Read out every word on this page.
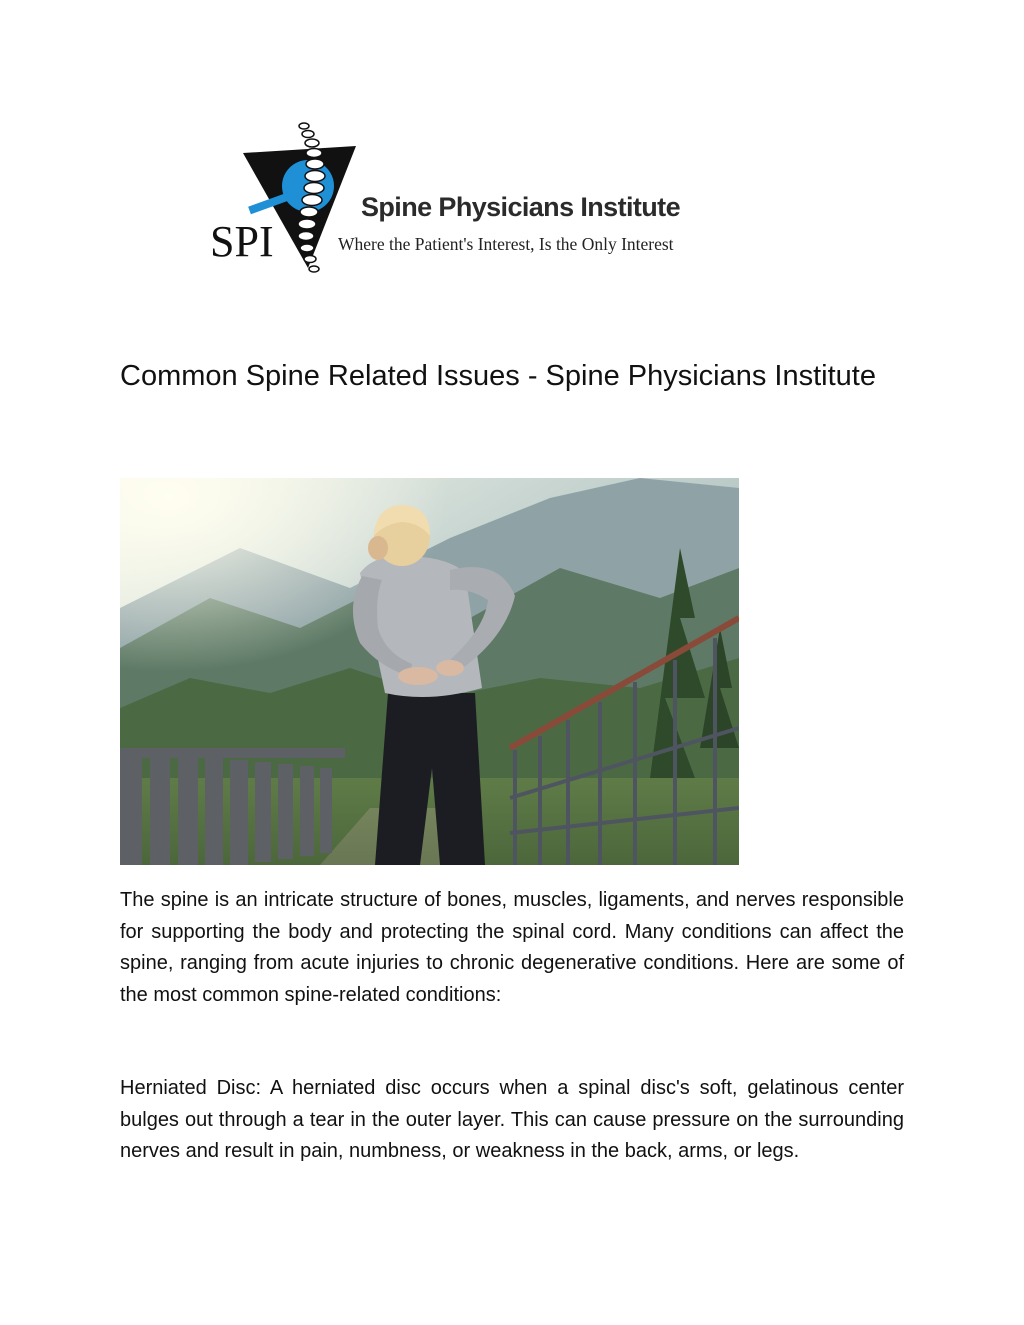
SPI
Spine Physicians Institute
Where the Patient's Interest, Is the Only Interest
Common Spine Related Issues - Spine Physicians Institute

The spine is an intricate structure of bones, muscles, ligaments, and nerves responsible for supporting the body and protecting the spinal cord. Many conditions can affect the spine, ranging from acute injuries to chronic degenerative conditions. Here are some of the most common spine-related conditions:

Herniated Disc: A herniated disc occurs when a spinal disc's soft, gelatinous center bulges out through a tear in the outer layer. This can cause pressure on the surrounding nerves and result in pain, numbness, or weakness in the back, arms, or legs.
